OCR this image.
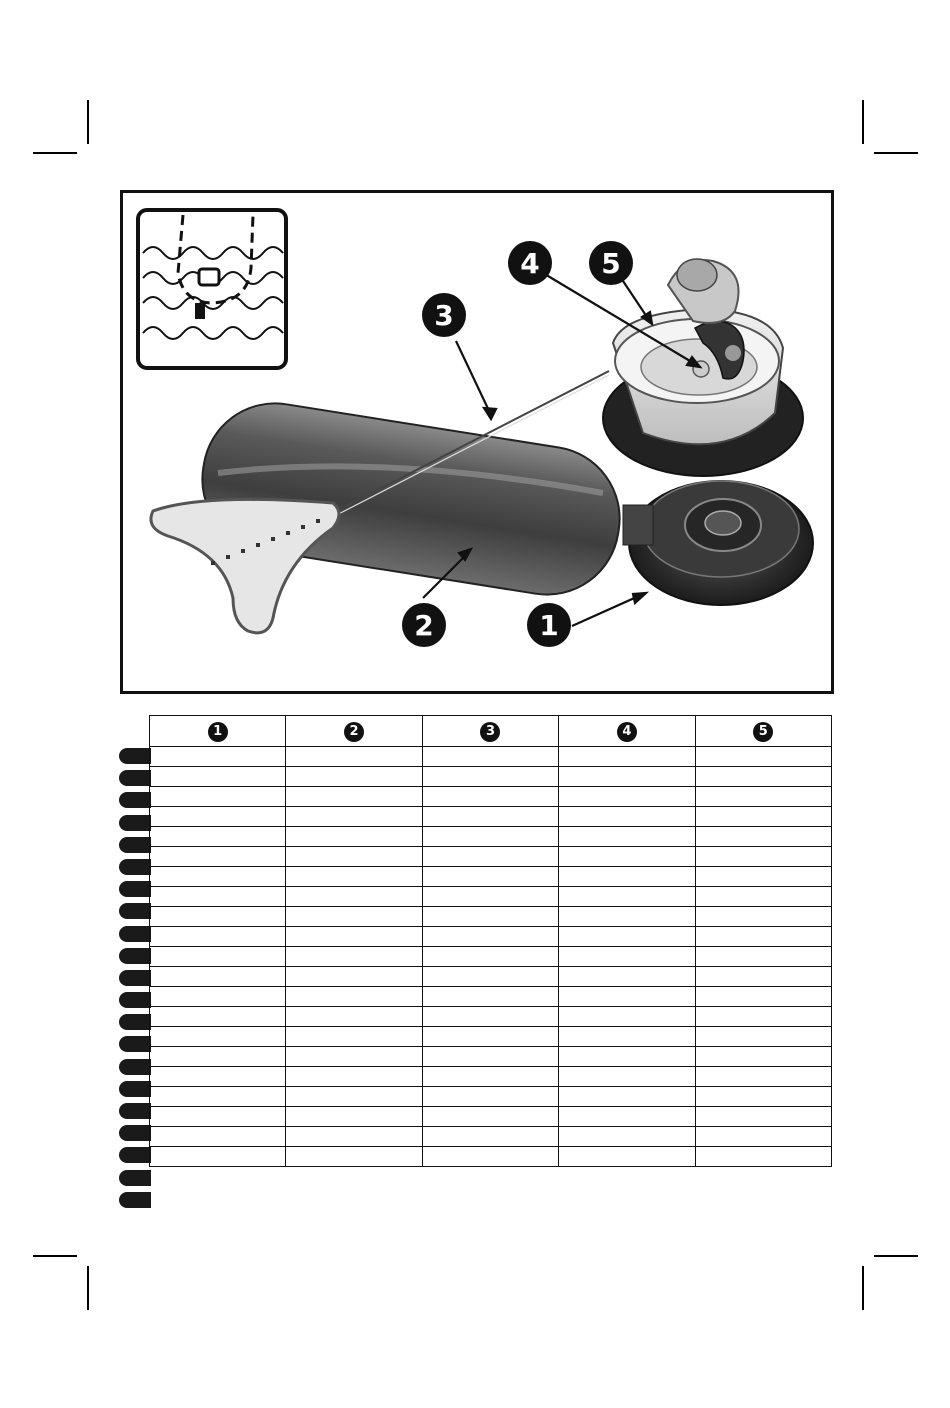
3
4 5
2	1
1	2	3	4	5
